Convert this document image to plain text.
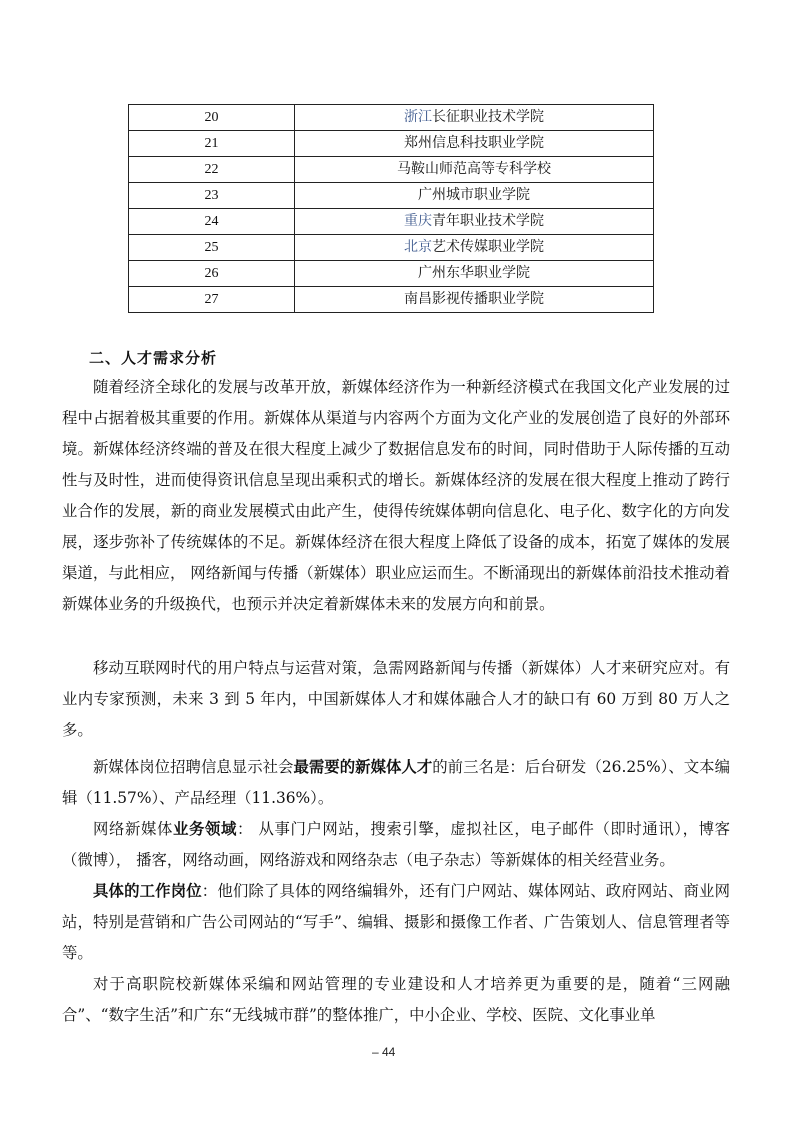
20	浙江长征职业技术学院
21	郑州信息科技职业学院
22	马鞍山师范高等专科学校
23	广州城市职业学院
24	重庆青年职业技术学院
25	北京艺术传媒职业学院
26	广州东华职业学院
27	南昌影视传播职业学院
二、人才需求分析

随着经济全球化的发展与改革开放，新媒体经济作为一种新经济模式在我国文化产业发展的过程中占据着极其重要的作用。新媒体从渠道与内容两个方面为文化产业的发展创造了良好的外部环境。新媒体经济终端的普及在很大程度上减少了数据信息发布的时间，同时借助于人际传播的互动性与及时性，进而使得资讯信息呈现出乘积式的增长。新媒体经济的发展在很大程度上推动了跨行业合作的发展，新的商业发展模式由此产生，使得传统媒体朝向信息化、电子化、数字化的方向发展，逐步弥补了传统媒体的不足。新媒体经济在很大程度上降低了设备的成本，拓宽了媒体的发展渠道，与此相应， 网络新闻与传播（新媒体）职业应运而生。不断涌现出的新媒体前沿技术推动着新媒体业务的升级换代，也预示并决定着新媒体未来的发展方向和前景。

移动互联网时代的用户特点与运营对策，急需网路新闻与传播（新媒体）人才来研究应对。有业内专家预测，未来 3 到 5 年内，中国新媒体人才和媒体融合人才的缺口有 60 万到 80 万人之多。

新媒体岗位招聘信息显示社会最需要的新媒体人才的前三名是：后台研发（26.25%）、文本编辑（11.57%）、产品经理（11.36%）。

网络新媒体业务领域： 从事门户网站，搜索引擎，虚拟社区，电子邮件（即时通讯），博客（微博）， 播客，网络动画，网络游戏和网络杂志（电子杂志）等新媒体的相关经营业务。

具体的工作岗位：他们除了具体的网络编辑外，还有门户网站、媒体网站、政府网站、商业网站，特别是营销和广告公司网站的“写手”、编辑、摄影和摄像工作者、广告策划人、信息管理者等等。

对于高职院校新媒体采编和网站管理的专业建设和人才培养更为重要的是，随着“三网融合”、“数字生活”和广东“无线城市群”的整体推广，中小企业、学校、医院、文化事业单

– 44
